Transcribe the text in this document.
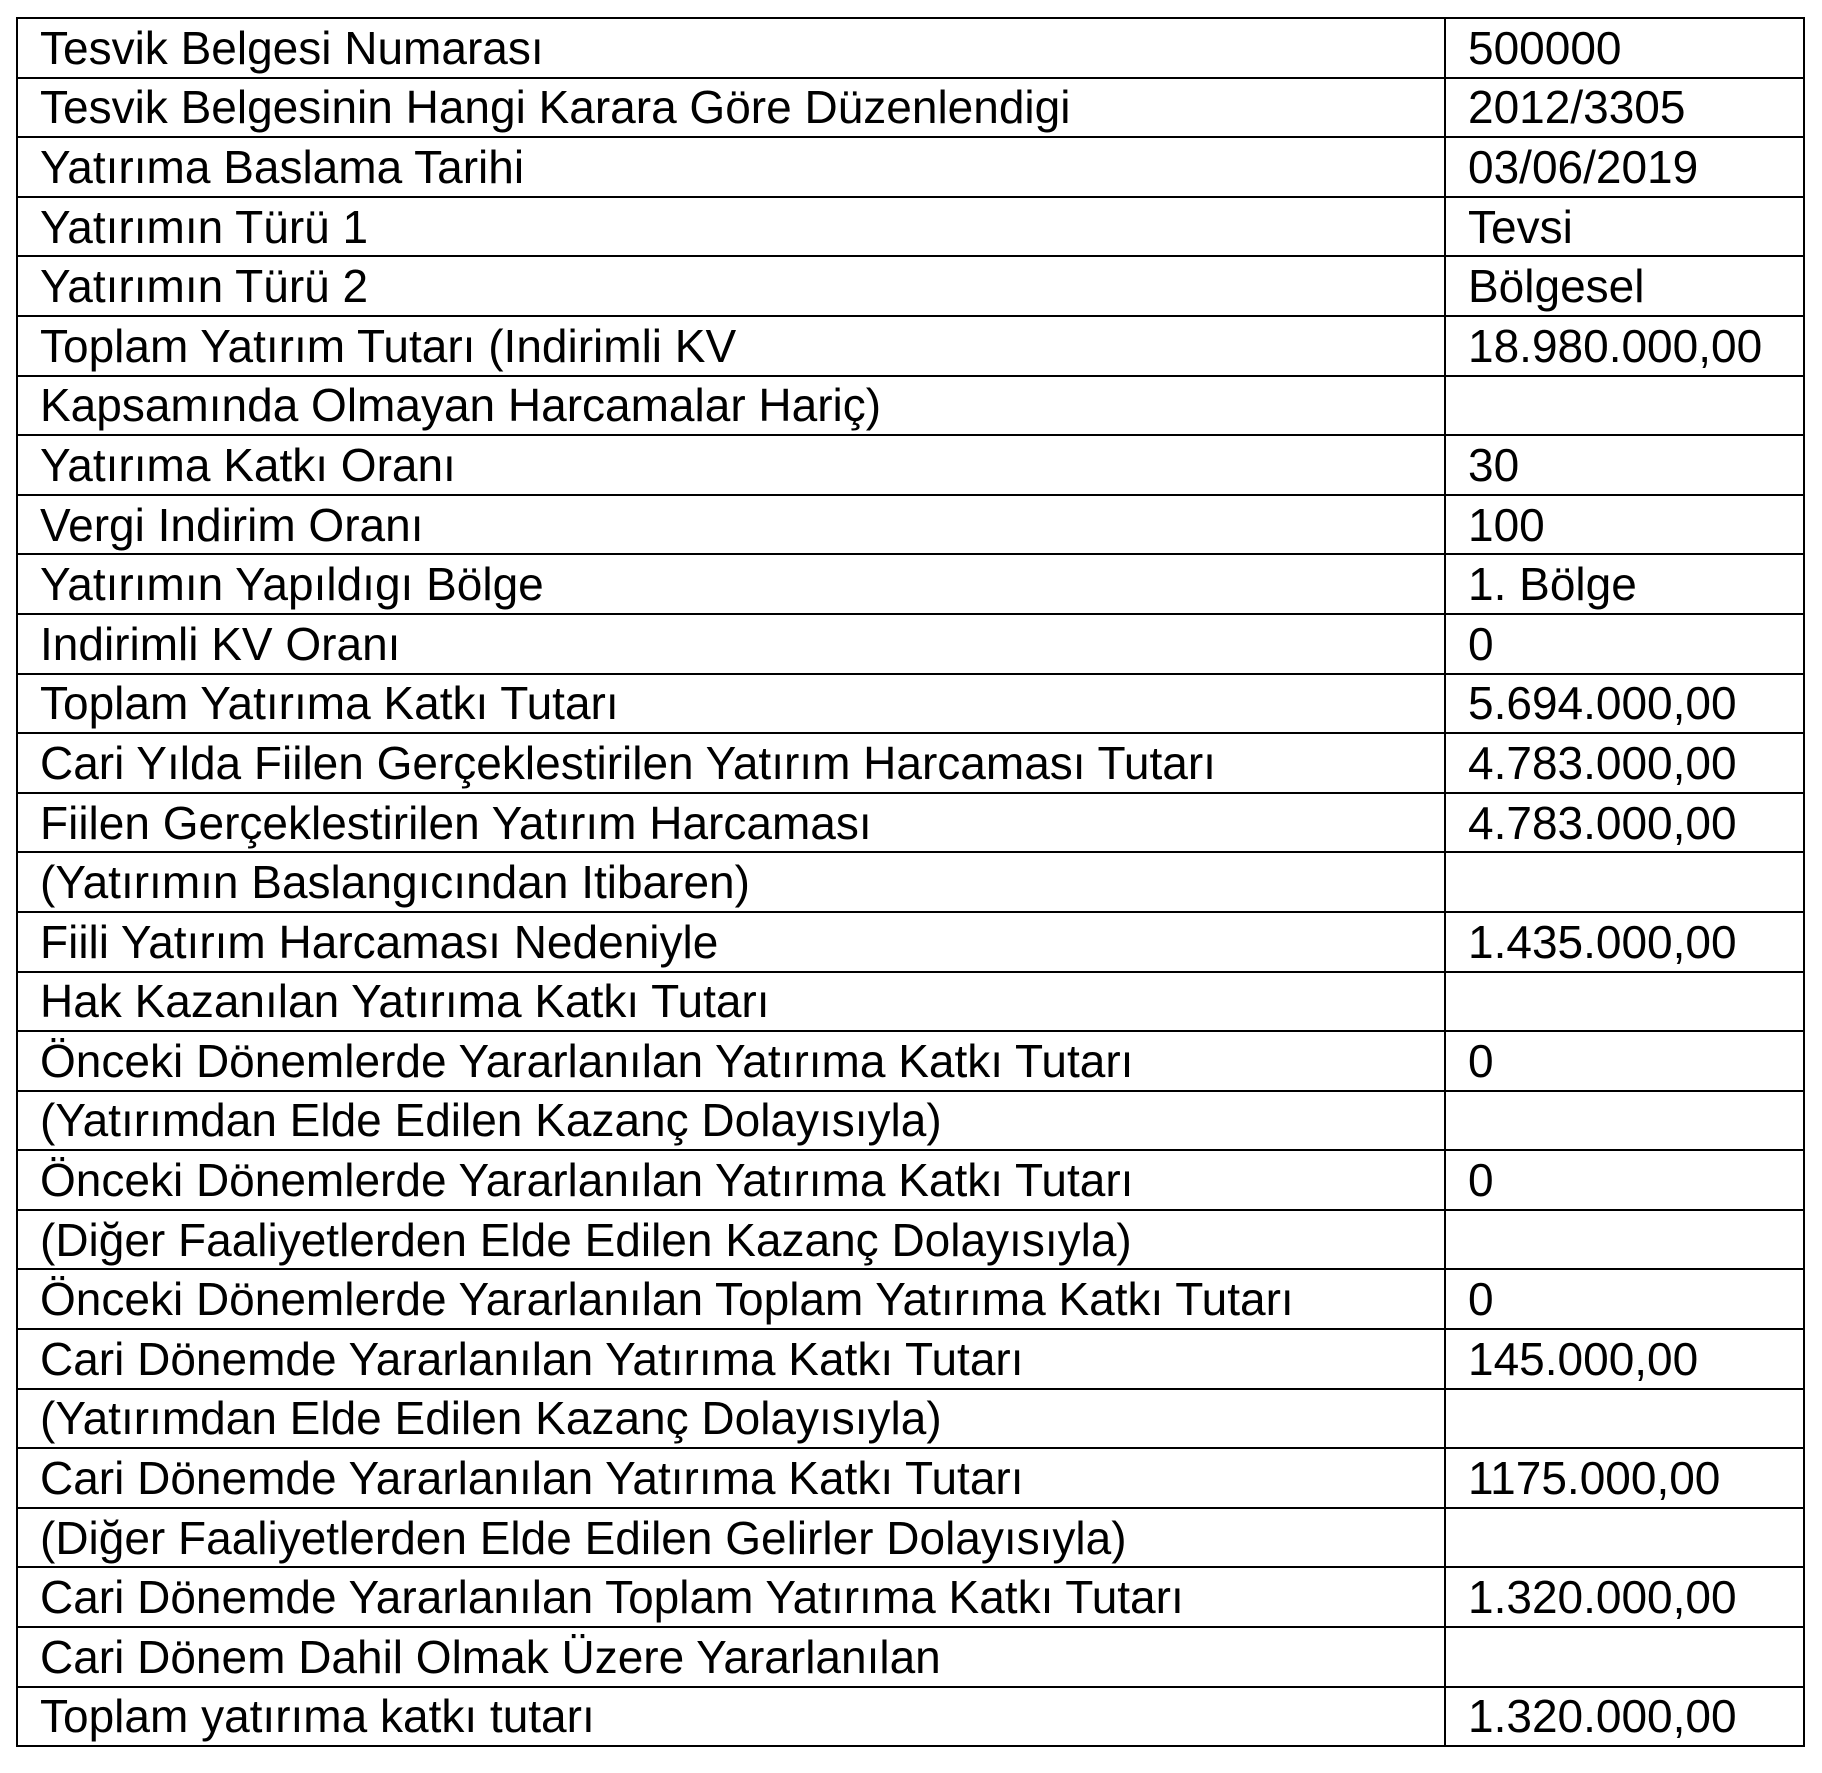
Tesvik Belgesi Numarası	500000
Tesvik Belgesinin Hangi Karara Göre Düzenlendigi	2012/3305
Yatırıma Baslama Tarihi	03/06/2019
Yatırımın Türü 1	Tevsi
Yatırımın Türü 2	Bölgesel
Toplam Yatırım Tutarı (Indirimli KV	18.980.000,00
Kapsamında Olmayan Harcamalar Hariç)	
Yatırıma Katkı Oranı	30
Vergi Indirim Oranı	100
Yatırımın Yapıldıgı Bölge	1. Bölge
Indirimli KV Oranı	0
Toplam Yatırıma Katkı Tutarı	5.694.000,00
Cari Yılda Fiilen Gerçeklestirilen Yatırım Harcaması Tutarı	4.783.000,00
Fiilen Gerçeklestirilen Yatırım Harcaması	4.783.000,00
(Yatırımın Baslangıcından Itibaren)	
Fiili Yatırım Harcaması Nedeniyle	1.435.000,00
Hak Kazanılan Yatırıma Katkı Tutarı	
Önceki Dönemlerde Yararlanılan Yatırıma Katkı Tutarı	0
(Yatırımdan Elde Edilen Kazanç Dolayısıyla)	
Önceki Dönemlerde Yararlanılan Yatırıma Katkı Tutarı	0
(Diğer Faaliyetlerden Elde Edilen Kazanç Dolayısıyla)	
Önceki Dönemlerde Yararlanılan Toplam Yatırıma Katkı Tutarı	0
Cari Dönemde Yararlanılan Yatırıma Katkı Tutarı	145.000,00
(Yatırımdan Elde Edilen Kazanç Dolayısıyla)	
Cari Dönemde Yararlanılan Yatırıma Katkı Tutarı	1175.000,00
(Diğer Faaliyetlerden Elde Edilen Gelirler Dolayısıyla)	
Cari Dönemde Yararlanılan Toplam Yatırıma Katkı Tutarı	1.320.000,00
Cari Dönem Dahil Olmak Üzere Yararlanılan	
Toplam yatırıma katkı tutarı	1.320.000,00
